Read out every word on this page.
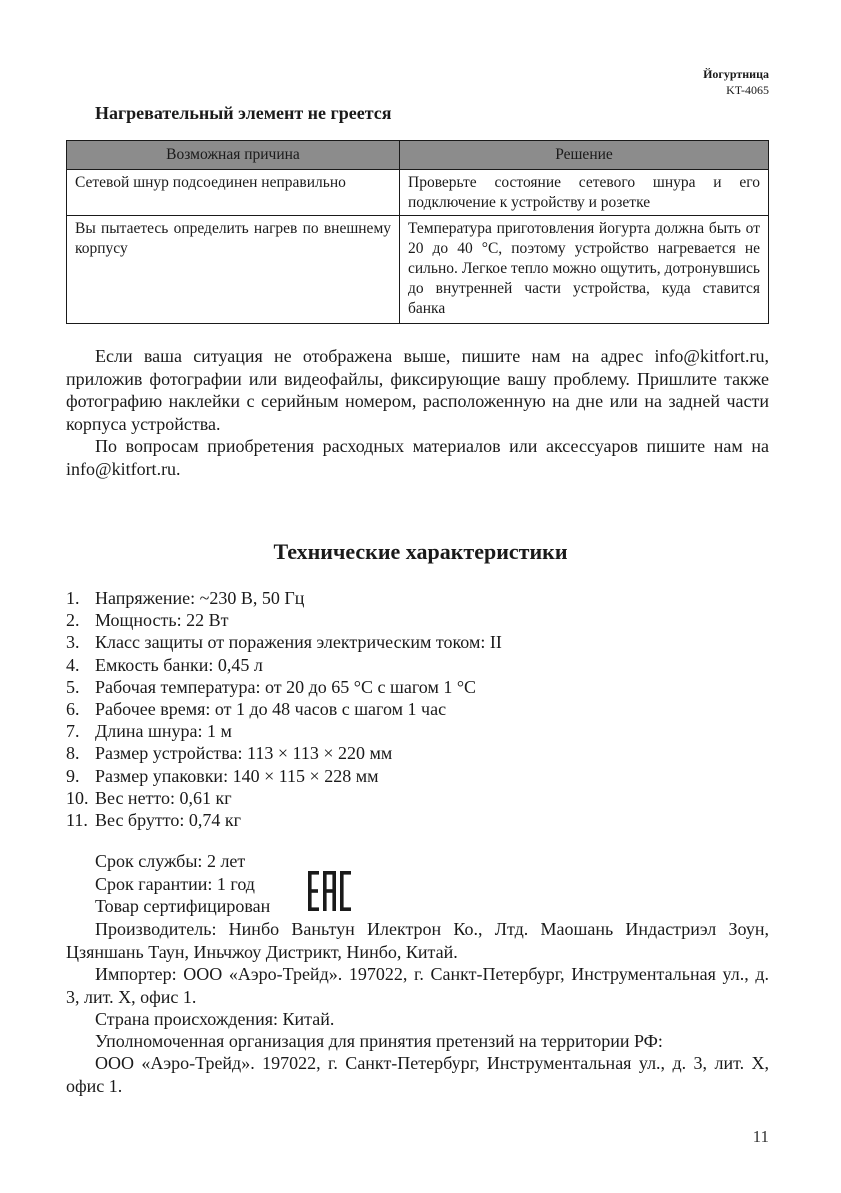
Йогуртница
KT-4065
Нагревательный элемент не греется
Возможная причина	Решение
Сетевой шнур подсоединен неправильно	Проверьте состояние сетевого шнура и его подключение к устройству и розетке
Вы пытаетесь определить нагрев по внешнему корпусу	Температура приготовления йогурта должна быть от 20 до 40 °С, поэтому устройство нагревается не сильно. Легкое тепло можно ощутить, дотронувшись до внутренней части устройства, куда ставится банка
Если ваша ситуация не отображена выше, пишите нам на адрес info@kitfort.ru, приложив фотографии или видеофайлы, фиксирующие вашу проблему. Пришлите также фотографию наклейки с серийным номером, расположенную на дне или на задней части корпуса устройства.
По вопросам приобретения расходных материалов или аксессуаров пишите нам на info@kitfort.ru.
Технические характеристики
1. Напряжение: ~230 В, 50 Гц
2. Мощность: 22 Вт
3. Класс защиты от поражения электрическим током: II
4. Емкость банки: 0,45 л
5. Рабочая температура: от 20 до 65 °С с шагом 1 °С
6. Рабочее время: от 1 до 48 часов с шагом 1 час
7. Длина шнура: 1 м
8. Размер устройства: 113 × 113 × 220 мм
9. Размер упаковки: 140 × 115 × 228 мм
10. Вес нетто: 0,61 кг
11. Вес брутто: 0,74 кг
Срок службы: 2 лет
Срок гарантии: 1 год
Товар сертифицирован
Производитель: Нинбо Ваньтун Илектрон Ко., Лтд. Маошань Индастриэл Зоун, Цзяншань Таун, Иньчжоу Дистрикт, Нинбо, Китай.
Импортер: ООО «Аэро-Трейд». 197022, г. Санкт-Петербург, Инструментальная ул., д. 3, лит. Х, офис 1.
Страна происхождения: Китай.
Уполномоченная организация для принятия претензий на территории РФ:
ООО «Аэро-Трейд». 197022, г. Санкт-Петербург, Инструментальная ул., д. 3, лит. Х, офис 1.
11
